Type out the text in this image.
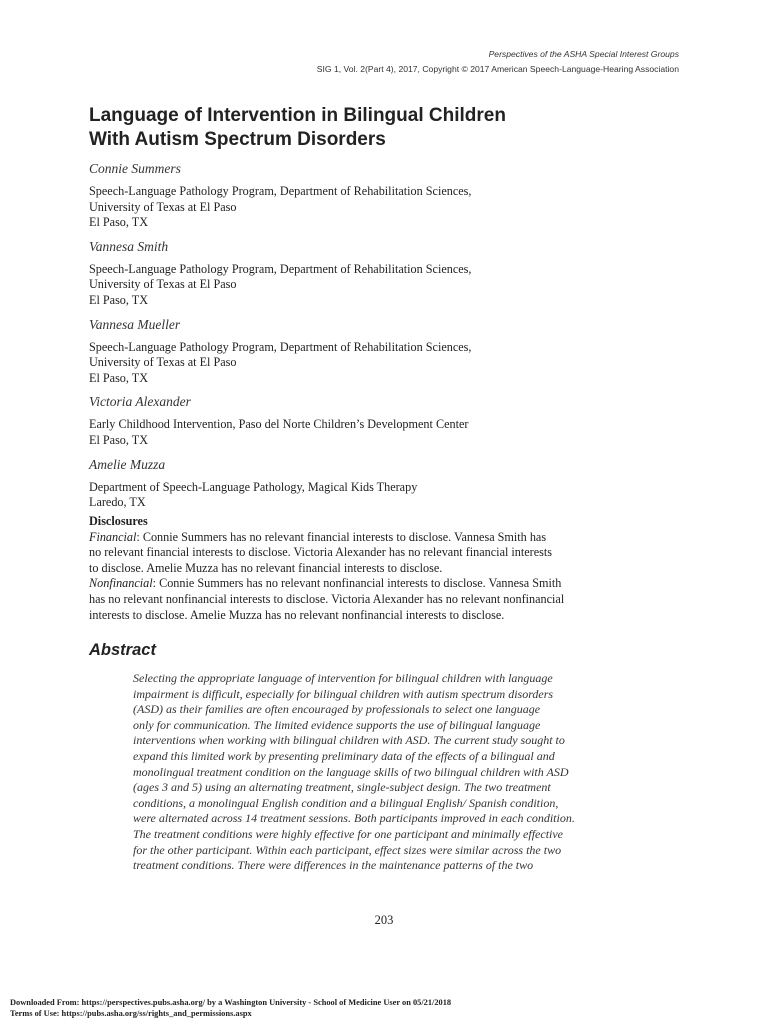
Perspectives of the ASHA Special Interest Groups
SIG 1, Vol. 2(Part 4), 2017, Copyright © 2017 American Speech-Language-Hearing Association
Language of Intervention in Bilingual Children
With Autism Spectrum Disorders

Connie Summers

Speech-Language Pathology Program, Department of Rehabilitation Sciences,
University of Texas at El Paso
El Paso, TX

Vannesa Smith

Speech-Language Pathology Program, Department of Rehabilitation Sciences,
University of Texas at El Paso
El Paso, TX

Vannesa Mueller

Speech-Language Pathology Program, Department of Rehabilitation Sciences,
University of Texas at El Paso
El Paso, TX

Victoria Alexander

Early Childhood Intervention, Paso del Norte Children’s Development Center
El Paso, TX

Amelie Muzza

Department of Speech-Language Pathology, Magical Kids Therapy
Laredo, TX

Disclosures
Financial: Connie Summers has no relevant financial interests to disclose. Vannesa Smith has
no relevant financial interests to disclose. Victoria Alexander has no relevant financial interests
to disclose. Amelie Muzza has no relevant financial interests to disclose.
Nonfinancial: Connie Summers has no relevant nonfinancial interests to disclose. Vannesa Smith
has no relevant nonfinancial interests to disclose. Victoria Alexander has no relevant nonfinancial
interests to disclose. Amelie Muzza has no relevant nonfinancial interests to disclose.
Abstract

Selecting the appropriate language of intervention for bilingual children with language
impairment is difficult, especially for bilingual children with autism spectrum disorders
(ASD) as their families are often encouraged by professionals to select one language
only for communication. The limited evidence supports the use of bilingual language
interventions when working with bilingual children with ASD. The current study sought to
expand this limited work by presenting preliminary data of the effects of a bilingual and
monolingual treatment condition on the language skills of two bilingual children with ASD
(ages 3 and 5) using an alternating treatment, single-subject design. The two treatment
conditions, a monolingual English condition and a bilingual English/ Spanish condition,
were alternated across 14 treatment sessions. Both participants improved in each condition.
The treatment conditions were highly effective for one participant and minimally effective
for the other participant. Within each participant, effect sizes were similar across the two
treatment conditions. There were differences in the maintenance patterns of the two

203
Downloaded From: https://perspectives.pubs.asha.org/ by a Washington University - School of Medicine User on 05/21/2018
Terms of Use: https://pubs.asha.org/ss/rights_and_permissions.aspx
